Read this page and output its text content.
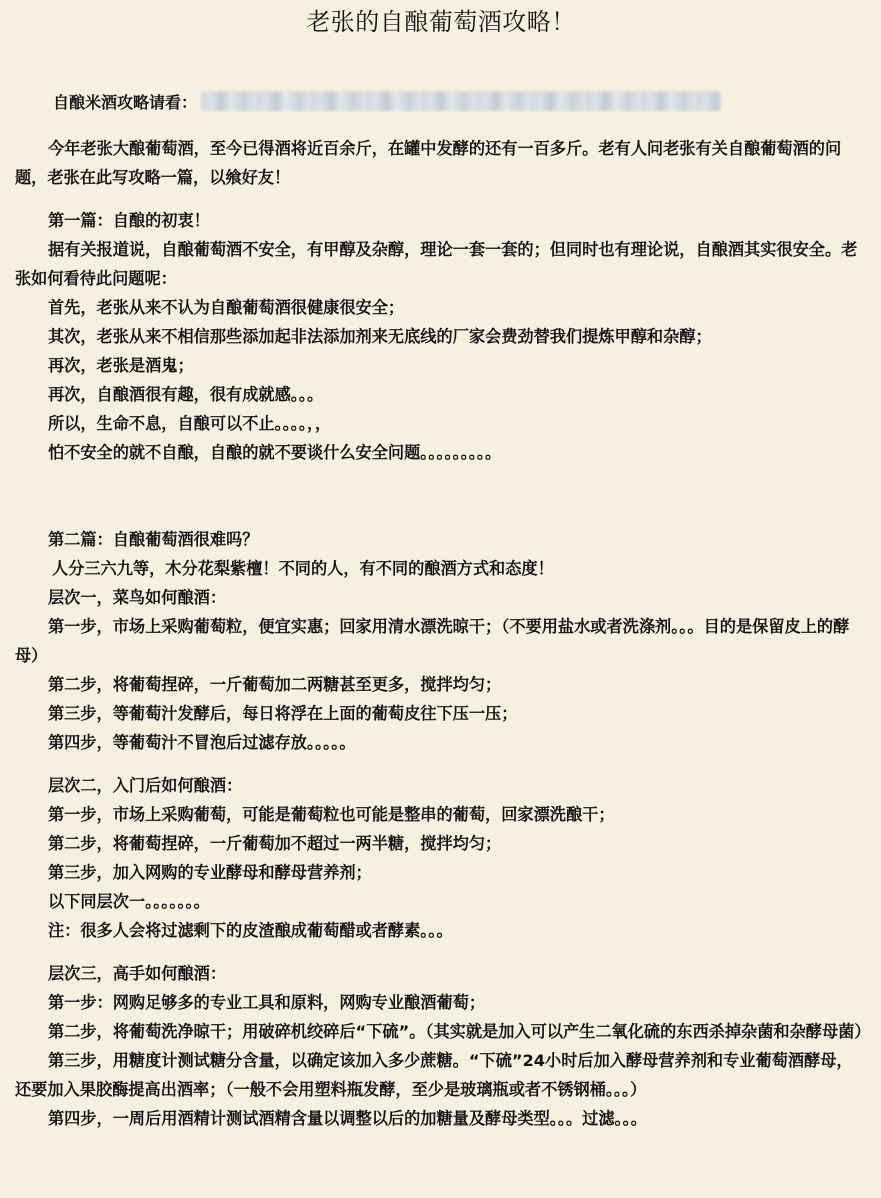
老张的自酿葡萄酒攻略！
自酿米酒攻略请看：

今年老张大酿葡萄酒，至今已得酒将近百余斤，在罐中发酵的还有一百多斤。老有人问老张有关自酿葡萄酒的问题，老张在此写攻略一篇，以飨好友！

第一篇：自酿的初衷！

据有关报道说，自酿葡萄酒不安全，有甲醇及杂醇，理论一套一套的；但同时也有理论说，自酿酒其实很安全。老张如何看待此问题呢：

首先，老张从来不认为自酿葡萄酒很健康很安全；

其次，老张从来不相信那些添加起非法添加剂来无底线的厂家会费劲替我们提炼甲醇和杂醇；

再次，老张是酒鬼；

再次，自酿酒很有趣，很有成就感。。。

所以，生命不息，自酿可以不止。。。。，，

怕不安全的就不自酿，自酿的就不要谈什么安全问题。。。。。。。。。

第二篇：自酿葡萄酒很难吗？

人分三六九等，木分花梨紫檀！不同的人，有不同的酿酒方式和态度！

层次一，菜鸟如何酿酒：

第一步，市场上采购葡萄粒，便宜实惠；回家用清水漂洗晾干；（不要用盐水或者洗涤剂。。。目的是保留皮上的酵母）

第二步，将葡萄捏碎，一斤葡萄加二两糖甚至更多，搅拌均匀；

第三步，等葡萄汁发酵后，每日将浮在上面的葡萄皮往下压一压；

第四步，等葡萄汁不冒泡后过滤存放。。。。。

层次二，入门后如何酿酒：

第一步，市场上采购葡萄，可能是葡萄粒也可能是整串的葡萄，回家漂洗酿干；

第二步，将葡萄捏碎，一斤葡萄加不超过一两半糖，搅拌均匀；

第三步，加入网购的专业酵母和酵母营养剂；

以下同层次一。。。。。。。

注：很多人会将过滤剩下的皮渣酿成葡萄醋或者酵素。。。

层次三，高手如何酿酒：

第一步：网购足够多的专业工具和原料，网购专业酿酒葡萄；

第二步，将葡萄洗净晾干；用破碎机绞碎后“下硫”。（其实就是加入可以产生二氧化硫的东西杀掉杂菌和杂酵母菌）

第三步，用糖度计测试糖分含量，以确定该加入多少蔗糖。“下硫”24小时后加入酵母营养剂和专业葡萄酒酵母，还要加入果胶酶提高出酒率；（一般不会用塑料瓶发酵，至少是玻璃瓶或者不锈钢桶。。。）

第四步，一周后用酒精计测试酒精含量以调整以后的加糖量及酵母类型。。。过滤。。。
